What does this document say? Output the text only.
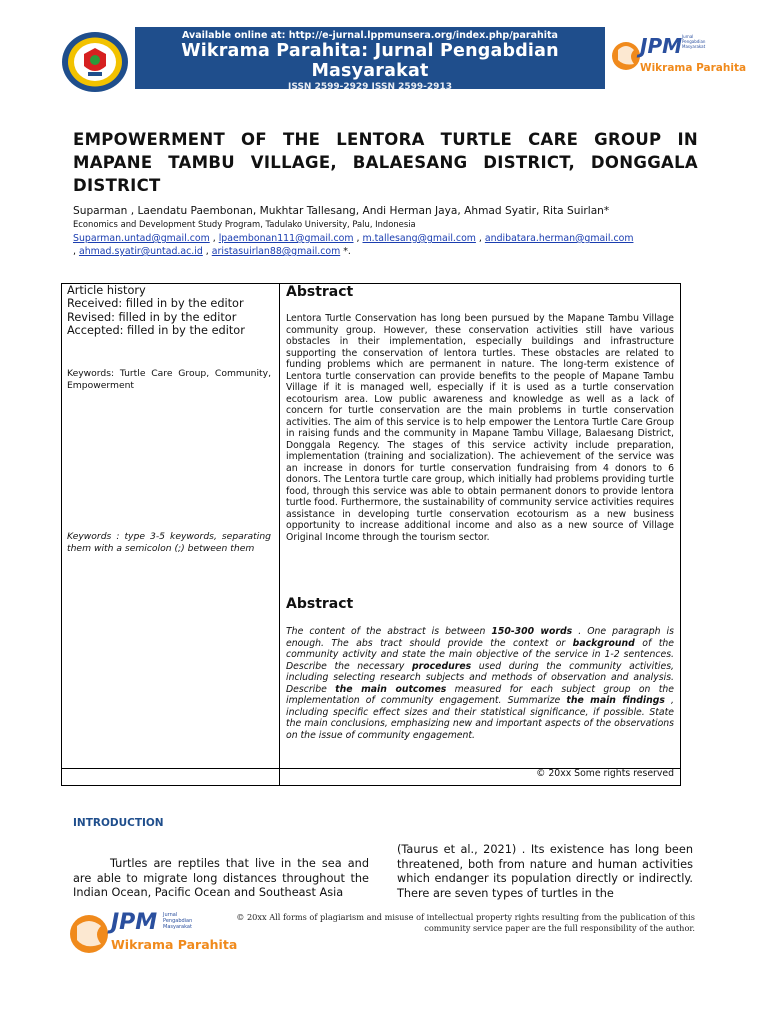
Available online at: http://e-jurnal.lppmunsera.org/index.php/parahita
Wikrama Parahita: Jurnal Pengabdian Masyarakat
ISSN 2599-2929 ISSN 2599-2913
JPM Jurnal Pengabdian Masyarakat
Wikrama Parahita
EMPOWERMENT OF THE LENTORA TURTLE CARE GROUP IN MAPANE TAMBU VILLAGE, BALAESANG DISTRICT, DONGGALA DISTRICT
Suparman , Laendatu Paembonan, Mukhtar Tallesang, Andi Herman Jaya, Ahmad Syatir, Rita Suirlan*
Economics and Development Study Program, Tadulako University, Palu, Indonesia
Suparman.untad@gmail.com , lpaembonan111@gmail.com , m.tallesang@gmail.com , andibatara.herman@gmail.com
, ahmad.syatir@untad.ac.id , aristasuirlan88@gmail.com *.
Article history
Received: filled in by the editor
Revised: filled in by the editor
Accepted: filled in by the editor
Keywords: Turtle Care Group, Community, Empowerment
Keywords : type 3-5 keywords, separating them with a semicolon (;) between them
Abstract
Lentora Turtle Conservation has long been pursued by the Mapane Tambu Village community group. However, these conservation activities still have various obstacles in their implementation, especially buildings and infrastructure supporting the conservation of lentora turtles. These obstacles are related to funding problems which are permanent in nature. The long-term existence of Lentora turtle conservation can provide benefits to the people of Mapane Tambu Village if it is managed well, especially if it is used as a turtle conservation ecotourism area. Low public awareness and knowledge as well as a lack of concern for turtle conservation are the main problems in turtle conservation activities. The aim of this service is to help empower the Lentora Turtle Care Group in raising funds and the community in Mapane Tambu Village, Balaesang District, Donggala Regency. The stages of this service activity include preparation, implementation (training and socialization). The achievement of the service was an increase in donors for turtle conservation fundraising from 4 donors to 6 donors. The Lentora turtle care group, which initially had problems providing turtle food, through this service was able to obtain permanent donors to provide lentora turtle food. Furthermore, the sustainability of community service activities requires assistance in developing turtle conservation ecotourism as a new business opportunity to increase additional income and also as a new source of Village Original Income through the tourism sector.
Abstract
The content of the abstract is between 150-300 words . One paragraph is enough. The abs tract should provide the context or background of the community activity and state the main objective of the service in 1-2 sentences. Describe the necessary procedures used during the community activities, including selecting research subjects and methods of observation and analysis. Describe the main outcomes measured for each subject group on the implementation of community engagement. Summarize the main findings , including specific effect sizes and their statistical significance, if possible. State the main conclusions, emphasizing new and important aspects of the observations on the issue of community engagement.
© 20xx Some rights reserved
INTRODUCTION
Turtles are reptiles that live in the sea and are able to migrate long distances throughout the Indian Ocean, Pacific Ocean and Southeast Asia
(Taurus et al., 2021) . Its existence has long been threatened, both from nature and human activities which endanger its population directly or indirectly. There are seven types of turtles in the
JPM Jurnal Pengabdian Masyarakat
Wikrama Parahita
© 20xx All forms of plagiarism and misuse of intellectual property rights resulting from the publication of this community service paper are the full responsibility of the author.
